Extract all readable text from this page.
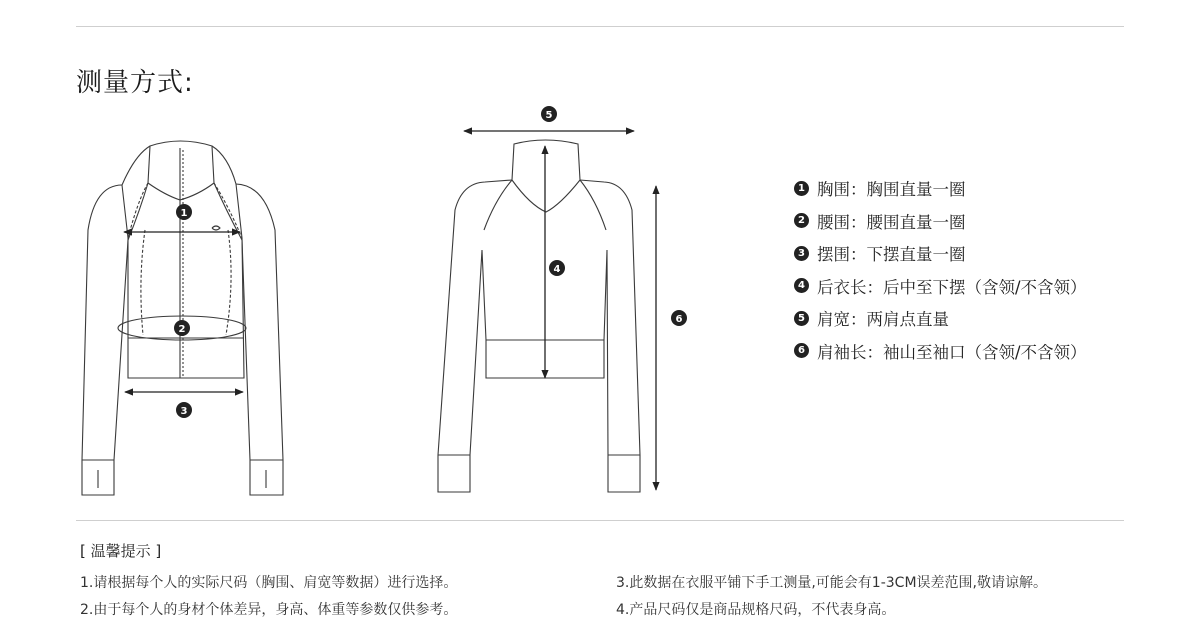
测量方式:
1
2
3
4
5
6
1 胸围：胸围直量一圈
2 腰围：腰围直量一圈
3 摆围：下摆直量一圈
4 后衣长：后中至下摆（含领/不含领）
5 肩宽：两肩点直量
6 肩袖长：袖山至袖口（含领/不含领）
[ 温馨提示 ]
1.请根据每个人的实际尺码（胸围、肩宽等数据）进行选择。
2.由于每个人的身材个体差异，身高、体重等参数仅供参考。
3.此数据在衣服平铺下手工测量,可能会有1-3CM误差范围,敬请谅解。
4.产品尺码仅是商品规格尺码，不代表身高。
